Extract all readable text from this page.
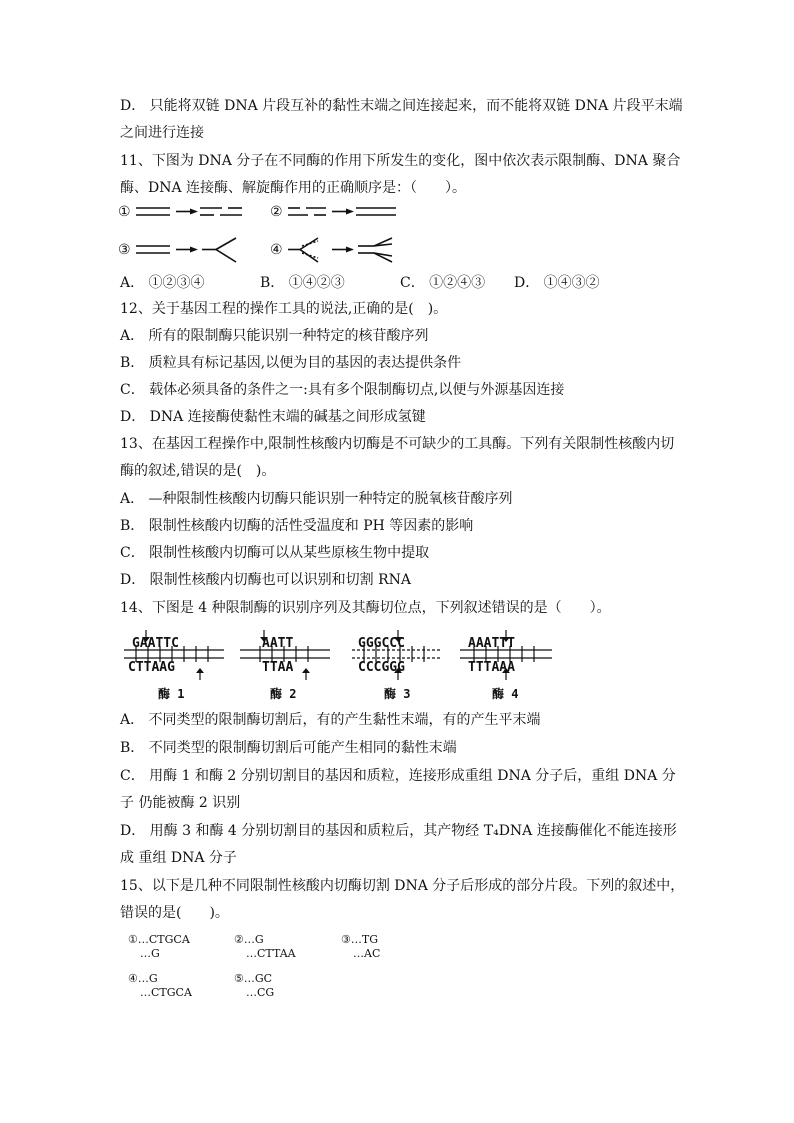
D． 只能将双链 DNA 片段互补的黏性末端之间连接起来，而不能将双链 DNA 片段平末端
之间进行连接
11、下图为 DNA 分子在不同酶的作用下所发生的变化，图中依次表示限制酶、DNA 聚合
酶、DNA 连接酶、解旋酶作用的正确顺序是：（　　）。
①	②
③	④
A． ①②③④	B． ①④②③	C． ①②④③ D． ①④③②
12、关于基因工程的操作工具的说法,正确的是(　)。
A． 所有的限制酶只能识别一种特定的核苷酸序列
B． 质粒具有标记基因,以便为目的基因的表达提供条件
C． 载体必须具备的条件之一:具有多个限制酶切点,以便与外源基因连接
D． DNA 连接酶使黏性末端的碱基之间形成氢键
13、在基因工程操作中,限制性核酸内切酶是不可缺少的工具酶。下列有关限制性核酸内切
酶的叙述,错误的是(　)。
A． —种限制性核酸内切酶只能识别一种特定的脱氧核苷酸序列
B． 限制性核酸内切酶的活性受温度和 PH 等因素的影响
C． 限制性核酸内切酶可以从某些原核生物中提取
D． 限制性核酸内切酶也可以识别和切割 RNA
14、下图是 4 种限制酶的识别序列及其酶切位点，下列叙述错误的是（　　）。
GAATTC
CTTAAG
AATT
TTAA
GGGCCC
CCCGGG
AAATTT
TTTAAA
酶 1	酶 2	酶 3	酶 4
A． 不同类型的限制酶切割后，有的产生黏性末端，有的产生平末端
B． 不同类型的限制酶切割后可能产生相同的黏性末端
C． 用酶 1 和酶 2 分别切割目的基因和质粒，连接形成重组 DNA 分子后，重组 DNA 分
子 仍能被酶 2 识别
D． 用酶 3 和酶 4 分别切割目的基因和质粒后，其产物经 T₄DNA 连接酶催化不能连接形
成 重组 DNA 分子
15、以下是几种不同限制性核酸内切酶切割 DNA 分子后形成的部分片段。下列的叙述中，
错误的是(　　)。
①…CTGCA
…G
②…G
…CTTAA
③…TG
…AC
④…G
…CTGCA
⑤…GC
…CG
